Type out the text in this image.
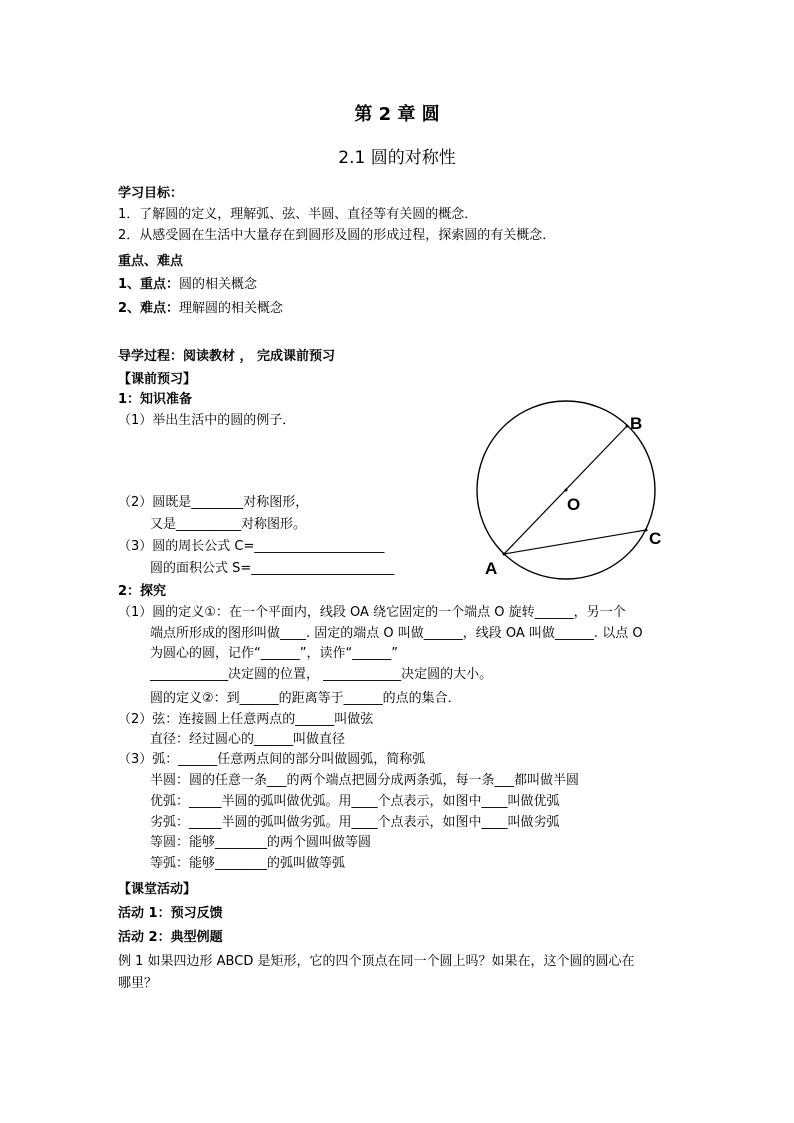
第 2 章 圆
2.1 圆的对称性
学习目标：
1．了解圆的定义，理解弧、弦、半圆、直径等有关圆的概念．
2．从感受圆在生活中大量存在到圆形及圆的形成过程，探索圆的有关概念．
重点、难点
1、重点：圆的相关概念
2、难点：理解圆的相关概念
导学过程：阅读教材 ， 完成课前预习
【课前预习】
1：知识准备
（1）举出生活中的圆的例子．
（2）圆既是________对称图形，
又是__________对称图形。
（3）圆的周长公式 C=____________________
圆的面积公式 S=______________________
2：探究
（1）圆的定义①：在一个平面内，线段 OA 绕它固定的一个端点 O 旋转______，另一个
端点所形成的图形叫做____. 固定的端点 O 叫做______，线段 OA 叫做______. 以点 O
为圆心的圆，记作“______”，读作“______”
____________决定圆的位置， ____________决定圆的大小。
圆的定义②：到______的距离等于______的点的集合．
（2）弦：连接圆上任意两点的______叫做弦
直径：经过圆心的______叫做直径
（3）弧：______任意两点间的部分叫做圆弧，简称弧
半圆：圆的任意一条___的两个端点把圆分成两条弧，每一条___都叫做半圆
优弧：_____半圆的弧叫做优弧。用____个点表示，如图中____叫做优弧
劣弧：_____半圆的弧叫做劣弧。用____个点表示，如图中____叫做劣弧
等圆：能够________的两个圆叫做等圆
等弧：能够________的弧叫做等弧
【课堂活动】
活动 1：预习反馈
活动 2：典型例题
例 1 如果四边形 ABCD 是矩形，它的四个顶点在同一个圆上吗？如果在，这个圆的圆心在
哪里？
B
O
C
A
